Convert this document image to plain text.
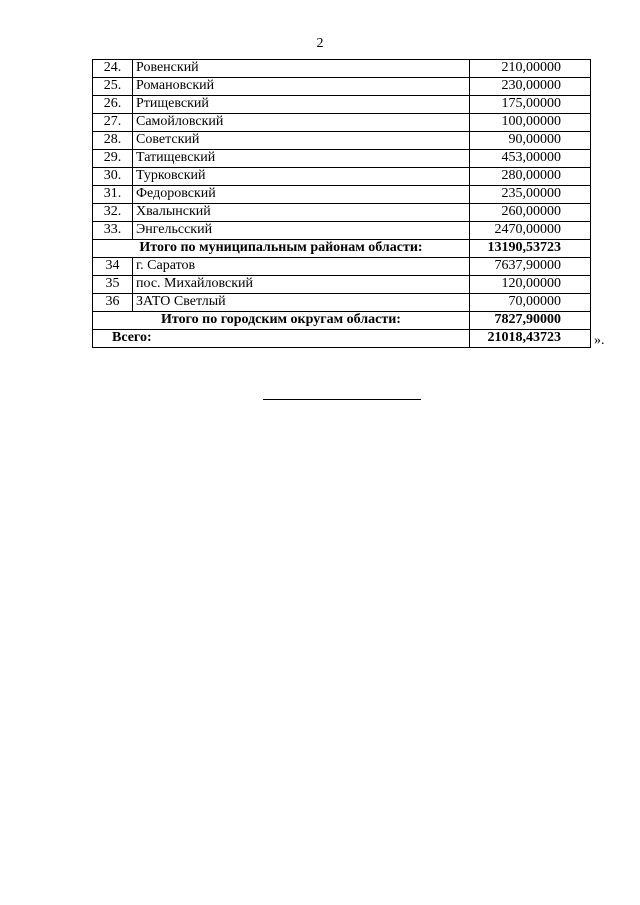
2
24.	Ровенский	210,00000
25.	Романовский	230,00000
26.	Ртищевский	175,00000
27.	Самойловский	100,00000
28.	Советский	90,00000
29.	Татищевский	453,00000
30.	Турковский	280,00000
31.	Федоровский	235,00000
32.	Хвалынский	260,00000
33.	Энгельсский	2470,00000
Итого по муниципальным районам области:		13190,53723
34	г. Саратов	7637,90000
35	пос. Михайловский	120,00000
36	ЗАТО Светлый	70,00000
Итого по городским округам области:		7827,90000
Всего:		21018,43723 ».
